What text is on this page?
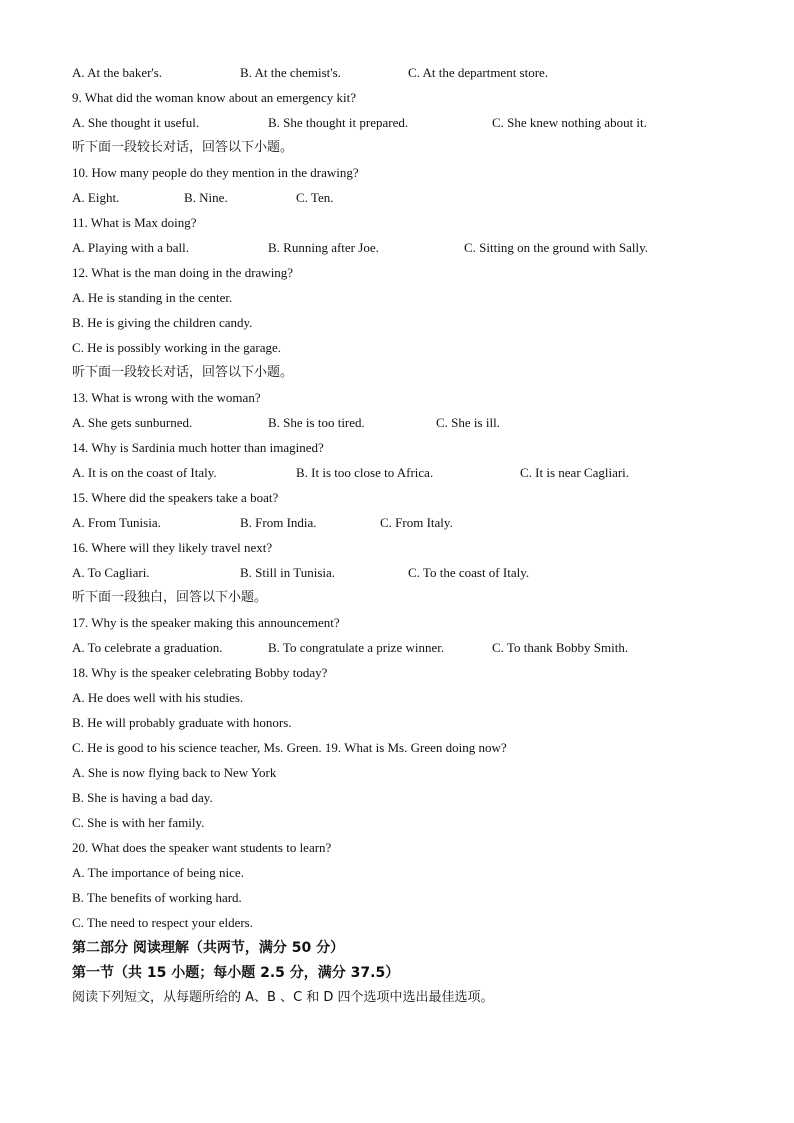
A. At the baker's.	B. At the chemist's.	C. At the department store.
9. What did the woman know about an emergency kit?
A. She thought it useful.	B. She thought it prepared.	C. She knew nothing about it.
听下面一段较长对话，回答以下小题。
10. How many people do they mention in the drawing?
A. Eight.	B. Nine.	C. Ten.
11. What is Max doing?
A. Playing with a ball.	B. Running after Joe.	C. Sitting on the ground with Sally.
12. What is the man doing in the drawing?
A. He is standing in the center.
B. He is giving the children candy.
C. He is possibly working in the garage.
听下面一段较长对话，回答以下小题。
13. What is wrong with the woman?
A. She gets sunburned.	B. She is too tired.	C. She is ill.
14. Why is Sardinia much hotter than imagined?
A. It is on the coast of Italy.	B. It is too close to Africa.	C. It is near Cagliari.
15. Where did the speakers take a boat?
A. From Tunisia.	B. From India.	C. From Italy.
16. Where will they likely travel next?
A. To Cagliari.	B. Still in Tunisia.	C. To the coast of Italy.
听下面一段独白，回答以下小题。
17. Why is the speaker making this announcement?
A. To celebrate a graduation.	B. To congratulate a prize winner.	C. To thank Bobby Smith.
18. Why is the speaker celebrating Bobby today?
A. He does well with his studies.
B. He will probably graduate with honors.
C. He is good to his science teacher, Ms. Green. 19. What is Ms. Green doing now?
A. She is now flying back to New York
B. She is having a bad day.
C. She is with her family.
20. What does the speaker want students to learn?
A. The importance of being nice.
B. The benefits of working hard.
C. The need to respect your elders.
第二部分 阅读理解（共两节，满分 50 分）
第一节（共 15 小题；每小题 2.5 分，满分 37.5）
阅读下列短文，从每题所给的 A、B 、C 和 D 四个选项中选出最佳选项。
